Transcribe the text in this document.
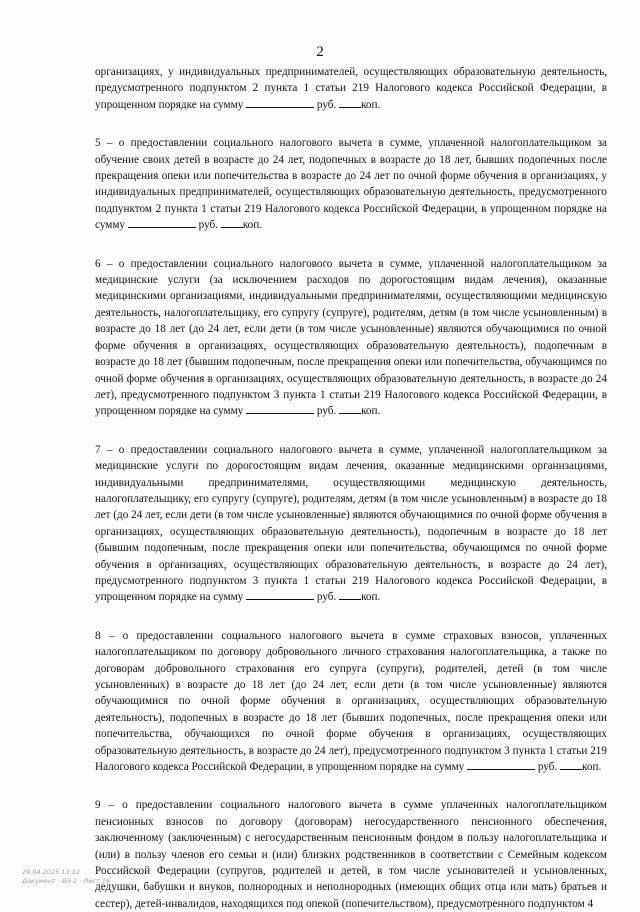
2

организациях, у индивидуальных предпринимателей, осуществляющих образовательную деятельность, предусмотренного подпунктом 2 пункта 1 статьи 219 Налогового кодекса Российской Федерации, в упрощенном порядке на сумму	руб. коп.

5 – о предоставлении социального налогового вычета в сумме, уплаченной налогоплательщиком за обучение своих детей в возрасте до 24 лет, подопечных в возрасте до 18 лет, бывших подопечных после прекращения опеки или попечительства в возрасте до 24 лет по очной форме обучения в организациях, у индивидуальных предпринимателей, осуществляющих образовательную деятельность, предусмотренного подпунктом 2 пункта 1 статьи 219 Налогового кодекса Российской Федерации, в упрощенном порядке на сумму	руб. коп.

6 – о предоставлении социального налогового вычета в сумме, уплаченной налогоплательщиком за медицинские услуги (за исключением расходов по дорогостоящим видам лечения), оказанные медицинскими организациями, индивидуальными предпринимателями, осуществляющими медицинскую деятельность, налогоплательщику, его супругу (супруге), родителям, детям (в том числе усыновленным) в возрасте до 18 лет (до 24 лет, если дети (в том числе усыновленные) являются обучающимися по очной форме обучения в организациях, осуществляющих образовательную деятельность), подопечным в возрасте до 18 лет (бывшим подопечным, после прекращения опеки или попечительства, обучающимся по очной форме обучения в организациях, осуществляющих образовательную деятельность, в возрасте до 24 лет), предусмотренного подпунктом 3 пункта 1 статьи 219 Налогового кодекса Российской Федерации, в упрощенном порядке на сумму	руб. коп.

7 – о предоставлении социального налогового вычета в сумме, уплаченной налогоплательщиком за медицинские услуги по дорогостоящим видам лечения, оказанные медицинскими организациями, индивидуальными предпринимателями, осуществляющими медицинскую деятельность, налогоплательщику, его супругу (супруге), родителям, детям (в том числе усыновленным) в возрасте до 18 лет (до 24 лет, если дети (в том числе усыновленные) являются обучающимися по очной форме обучения в организациях, осуществляющих образовательную деятельность), подопечным в возрасте до 18 лет (бывшим подопечным, после прекращения опеки или попечительства, обучающимся по очной форме обучения в организациях, осуществляющих образовательную деятельность, в возрасте до 24 лет), предусмотренного подпунктом 3 пункта 1 статьи 219 Налогового кодекса Российской Федерации, в упрощенном порядке на сумму	руб. коп.

8 – о предоставлении социального налогового вычета в сумме страховых взносов, уплаченных налогоплательщиком по договору добровольного личного страхования налогоплательщика, а также по договорам добровольного страхования его супруга (супруги), родителей, детей (в том числе усыновленных) в возрасте до 18 лет (до 24 лет, если дети (в том числе усыновленные) являются обучающимися по очной форме обучения в организациях, осуществляющих образовательную деятельность), подопечных в возрасте до 18 лет (бывших подопечных, после прекращения опеки или попечительства, обучающихся по очной форме обучения в организациях, осуществляющих образовательную деятельность, в возрасте до 24 лет), предусмотренного подпунктом 3 пункта 1 статьи 219 Налогового кодекса Российской Федерации, в упрощенном порядке на сумму	руб. коп.

9 – о предоставлении социального налогового вычета в сумме уплаченных налогоплательщиком пенсионных взносов по договору (договорам) негосударственного пенсионного обеспечения, заключенному (заключенным) с негосударственным пенсионным фондом в пользу налогоплательщика и (или) в пользу членов его семьи и (или) близких родственников в соответствии с Семейным кодексом Российской Федерации (супругов, родителей и детей, в том числе усыновителей и усыновленных, дедушки, бабушки и внуков, полнородных и неполнородных (имеющих общих отца или мать) братьев и сестер), детей-инвалидов, находящихся под опекой (попечительством), предусмотренного подпунктом 4

29.04.2025 13:12
Документ · ВЭ 1 · Лист 16
